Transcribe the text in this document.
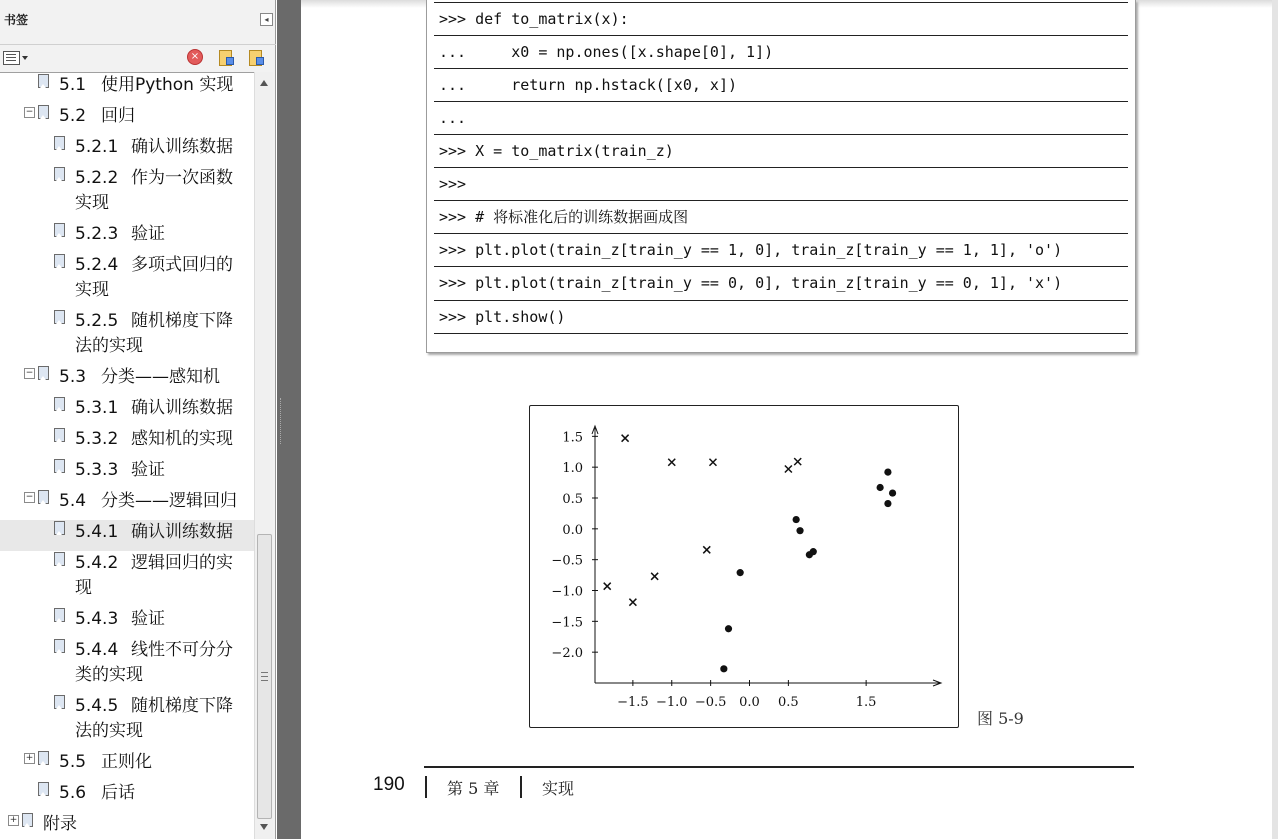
书签	◂
×
5.1 使用Python 实现
− 5.2 回归
5.2.1 确认训练数据
5.2.2 作为一次函数
实现
5.2.3 验证
5.2.4 多项式回归的
实现
5.2.5 随机梯度下降
法的实现
− 5.3 分类——感知机
5.3.1 确认训练数据
5.3.2 感知机的实现
5.3.3 验证
− 5.4 分类——逻辑回归
5.4.1 确认训练数据
5.4.2 逻辑回归的实
现
5.4.3 验证
5.4.4 线性不可分分
类的实现
5.4.5 随机梯度下降
法的实现
+ 5.5 正则化
5.6 后话
+ 附录
>>> def to_matrix(x):
...     x0 = np.ones([x.shape[0], 1])
...     return np.hstack([x0, x])
...
>>> X = to_matrix(train_z)
>>>
>>> # 将标准化后的训练数据画成图
>>> plt.plot(train_z[train_y == 1, 0], train_z[train_y == 1, 1], 'o')
>>> plt.plot(train_z[train_y == 0, 0], train_z[train_y == 0, 1], 'x')
>>> plt.show()
−1.5 −1.0 −0.5 0.0 0.5	1.5
1.5
1.0
0.5
0.0
−0.5
−1.0
−1.5
−2.0
图 5-9
190	第 5 章	实现
